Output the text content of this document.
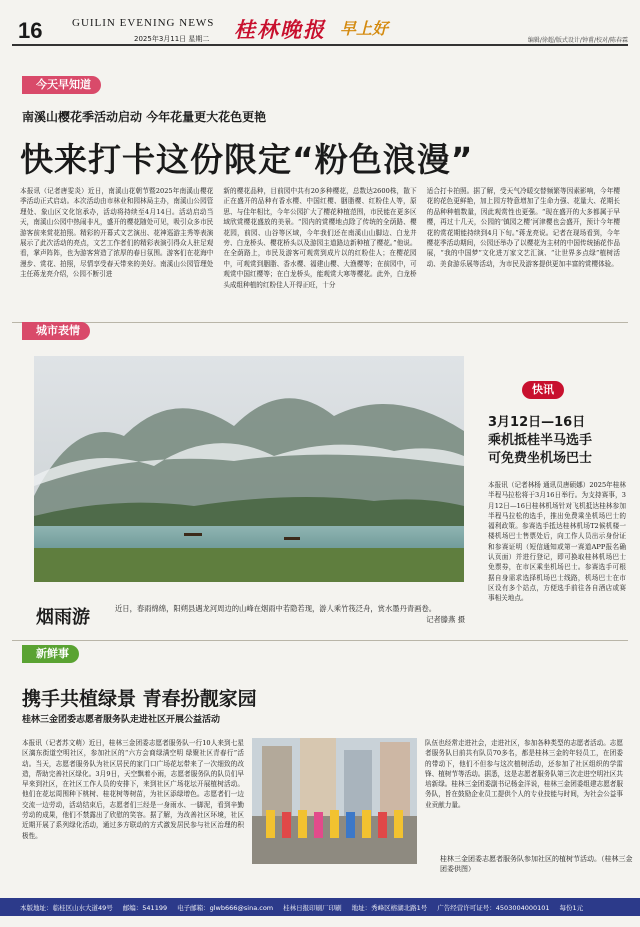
16	GUILIN EVENING NEWS
2025年3月11日 星期二 桂林晚报 早上好
编辑/徐超/版式设计/钟甫/校对/陈春霖
今天早知道
南溪山樱花季活动启动 今年花量更大花色更艳
快来打卡这份限定“粉色浪漫”
本报讯（记者唐雯炎）近日，南溪山花朝节暨2025年南溪山樱花季活动正式启动。本次活动由市林业和园林局主办，南溪山公园管理处、象山区文化馆承办，活动将持续至4月14日。活动启动当天，南溪山公园中热闹非凡，盛开的樱花随处可见，吸引众多市民游客前来赏花拍照。精彩的开幕式文艺演出、花神巡游主秀等表演展示了此次活动的亮点，文艺工作者们的精彩表演引得众人驻足观看，掌声阵阵，也为游客营造了浓厚的春日氛围。游客们在花海中漫步、赏花、拍照，尽情享受春天带来的美好。南溪山公园管理处主任蒋龙亮介绍，公园不断引进
新的樱花品种，目前园中共有20多种樱花，总数达2600株，散下正在盛开的品种有香水樱、中国红樱、胭脂樱、红粉佳人等，原思、与佳年相比，今年公园扩大了樱花种植范围，市民能在更多区域欣赏樱花盛放的美景。“园内的赏樱地点除了传统的全荫路、樱花园，前园、山谷等区域，今年我们还在南溪山山脚边、白龙井旁、白龙桥头、樱花桥头以及游园主道路边新种植了樱花。”他说。在全荫路上，市民及游客可观赏到成片以的红粉佳人；在樱花园中，可观赏到胭脂、香水樱、福建山樱、大渔樱等；在前园中，可观赏中国红樱等；在白龙桥头，能观赏大寒等樱花。此外，白龙桥头成组种植的红粉佳人开得正旺，十分
适合打卡拍照。据了解，受天气冷暖交替频繁等因素影响，今年樱花的花色更鲜艳，加上园方特意增加了生命力强、花量大、花期长的品种种植数量，因此观赏性也更强。“现在盛开的大多都属于早樱，再过十几天，公园的‘镇园之樱’河津樱也会盛开，预计今年樱花的赏花期能持续到4月下旬。”蒋龙亮说。记者在现场看到，今年樱花季活动期间，公园还举办了以樱花为主材的中国传统插花作品展，“我的中国梦”文化进万家文艺汇演、“让世界多点绿”植树活动、美食游乐展等活动，为市民及游客提供更加丰富的赏樱体验。
城市表情
烟雨游	近日，春雨绵绵，阳朔县遇龙河周边的山峰在烟雨中若隐若现，游人乘竹筏泛舟，赏水墨丹青画卷。
记者滕燕 摄
快讯
3月12日—16日
乘机抵桂半马选手
可免费坐机场巴士
本报讯（记者林杨 通讯员唐硕娜）2025年桂林半程马拉松将于3月16日举行。为支持赛事，3月12日—16日桂林机场针对飞机抵达桂林参加半程马拉松的选手，推出免费乘坐机场巴士的福利政策。参赛选手抵达桂林机场T2候机楼一楼机场巴士售票处后，向工作人员出示身份证和参赛证明（短信通知或第一赛道APP报名确认页面）并进行登记，即可换取桂林机场巴士免票券，在市区乘坐机场巴士。参赛选手可根据自身需求选择机场巴士线路，机场巴士在市区设有多个站点，方便选手前往各自酒店或赛事相关地点。
新鲜事
携手共植绿景 青春扮靓家园
桂林三金团委志愿者服务队走进社区开展公益活动
本报讯（记者苏文萌）近日，桂林三金团委志愿者服务队一行10人来到七星区漓东街道空明社区，参加社区的“六方会商绿满空明 绿聚社区青春行”活动。当天，志愿者服务队为社区居民的家门口广场花坛带来了一次细致的改造，帮助完善社区绿化。3月9日，天空飘着小雨，志愿者服务队的队员们早早来到社区，在社区工作人员的安排下，来到社区广场花坛开展植树活动。他们在花坛周围种下桃树、桂花树等树苗，为社区添绿增色。志愿者们一边交流一边劳动，活动结束后，志愿者们三经是一身雨水、一脚泥，看到辛勤劳动的成果，他们不禁露出了欣慰的笑容。据了解，为改善社区环境，社区近期开展了系列绿化活动，通过多方联动的方式激发居民参与社区治理的积极性。
队伍也经常走进社会，走进社区，参加各种类型的志愿者活动。志愿者服务队目前共有队员70多名，都是桂林三金的年轻员工，在团委的带动下，他们不但参与这次植树活动，还参加了社区组织的学雷锋、植树节等活动。据悉，这是志愿者服务队第三次走进空明社区共培新绿。桂林三金团委副书记杨金洋说，桂林三金团委组建志愿者服务队，旨在鼓励企业员工提供个人的专业技能与时间，为社会公益事业贡献力量。
桂林三金团委志愿者服务队参加社区的植树节活动。（桂林三金团委供图）
本版地址：临桂区山水大道49号 邮编：541199 电子邮箱：glwb666@sina.com 桂林日报印刷厂印刷 地址：秀峰区榕湖北路1号 广告经营许可证号：4503004000101 每份1元
